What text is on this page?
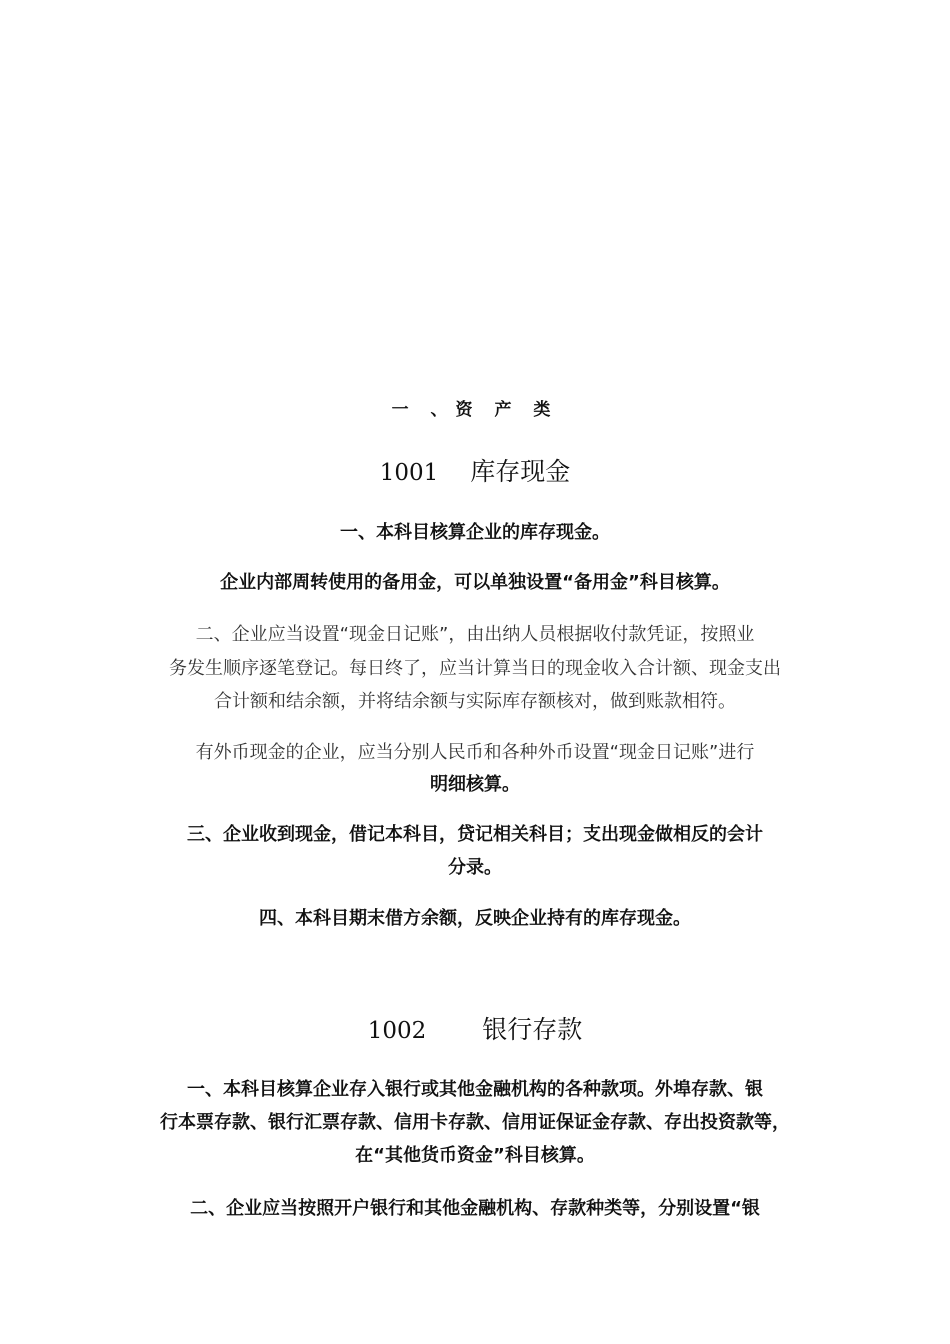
一 、资 产 类
1001 库存现金
一、本科目核算企业的库存现金。
企业内部周转使用的备用金，可以单独设置“备用金”科目核算。
二、企业应当设置“现金日记账”，由出纳人员根据收付款凭证，按照业
务发生顺序逐笔登记。每日终了，应当计算当日的现金收入合计额、现金支出
合计额和结余额，并将结余额与实际库存额核对，做到账款相符。
有外币现金的企业，应当分别人民币和各种外币设置“现金日记账”进行
明细核算。
三、企业收到现金，借记本科目，贷记相关科目；支出现金做相反的会计
分录。
四、本科目期末借方余额，反映企业持有的库存现金。
1002 银行存款
一、本科目核算企业存入银行或其他金融机构的各种款项。外埠存款、银
行本票存款、银行汇票存款、信用卡存款、信用证保证金存款、存出投资款等，
在“其他货币资金”科目核算。
二、企业应当按照开户银行和其他金融机构、存款种类等，分别设置“银
